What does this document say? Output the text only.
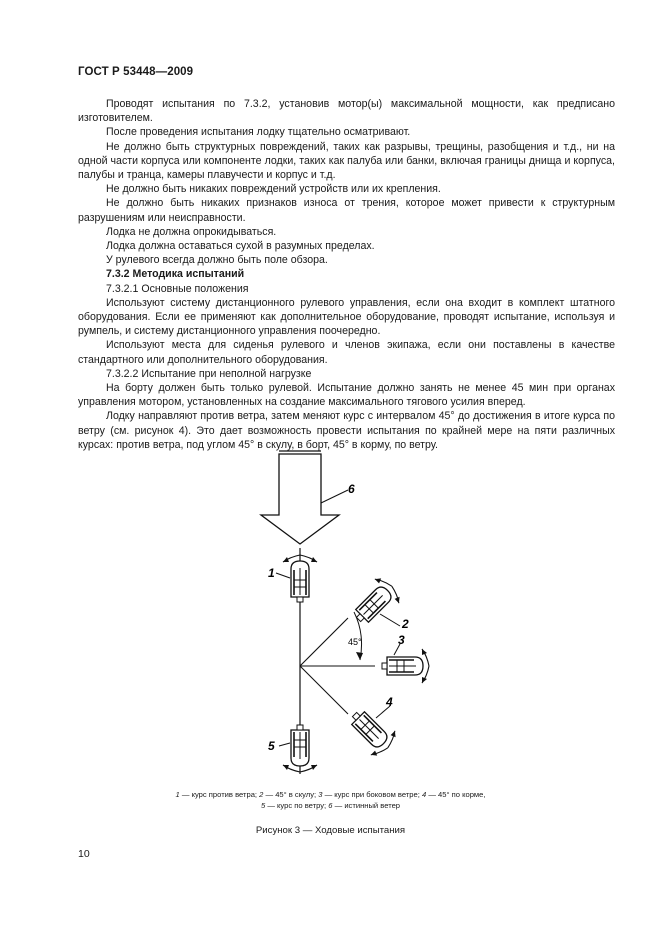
ГОСТ Р 53448—2009

Проводят испытания по 7.3.2, установив мотор(ы) максимальной мощности, как предписано изготовителем.

После проведения испытания лодку тщательно осматривают.

Не должно быть структурных повреждений, таких как разрывы, трещины, разобщения и т.д., ни на одной части корпуса или компоненте лодки, таких как палуба или банки, включая границы днища и корпуса, палубы и транца, камеры плавучести и корпус и т.д.

Не должно быть никаких повреждений устройств или их крепления.

Не должно быть никаких признаков износа от трения, которое может привести к структурным разрушениям или неисправности.

Лодка не должна опрокидываться.

Лодка должна оставаться сухой в разумных пределах.

У рулевого всегда должно быть поле обзора.

7.3.2 Методика испытаний

7.3.2.1 Основные положения

Используют систему дистанционного рулевого управления, если она входит в комплект штатного оборудования. Если ее применяют как дополнительное оборудование, проводят испытание, используя и румпель, и систему дистанционного управления поочередно.

Используют места для сиденья рулевого и членов экипажа, если они поставлены в качестве стандартного или дополнительного оборудования.

7.3.2.2 Испытание при неполной нагрузке

На борту должен быть только рулевой. Испытание должно занять не менее 45 мин при органах управления мотором, установленных на создание максимального тягового усилия вперед.

Лодку направляют против ветра, затем меняют курс с интервалом 45° до достижения в итоге курса по ветру (см. рисунок 4). Это дает возможность провести испытания по крайней мере на пяти различных курсах: против ветра, под углом 45° в скулу, в борт, 45° в корму, по ветру.

6
45°
1
2
3
4
5
1 — курс против ветра; 2 — 45° в скулу; 3 — курс при боковом ветре; 4 — 45° по корме,
5 — курс по ветру; 6 — истинный ветер
Рисунок 3 — Ходовые испытания
10
